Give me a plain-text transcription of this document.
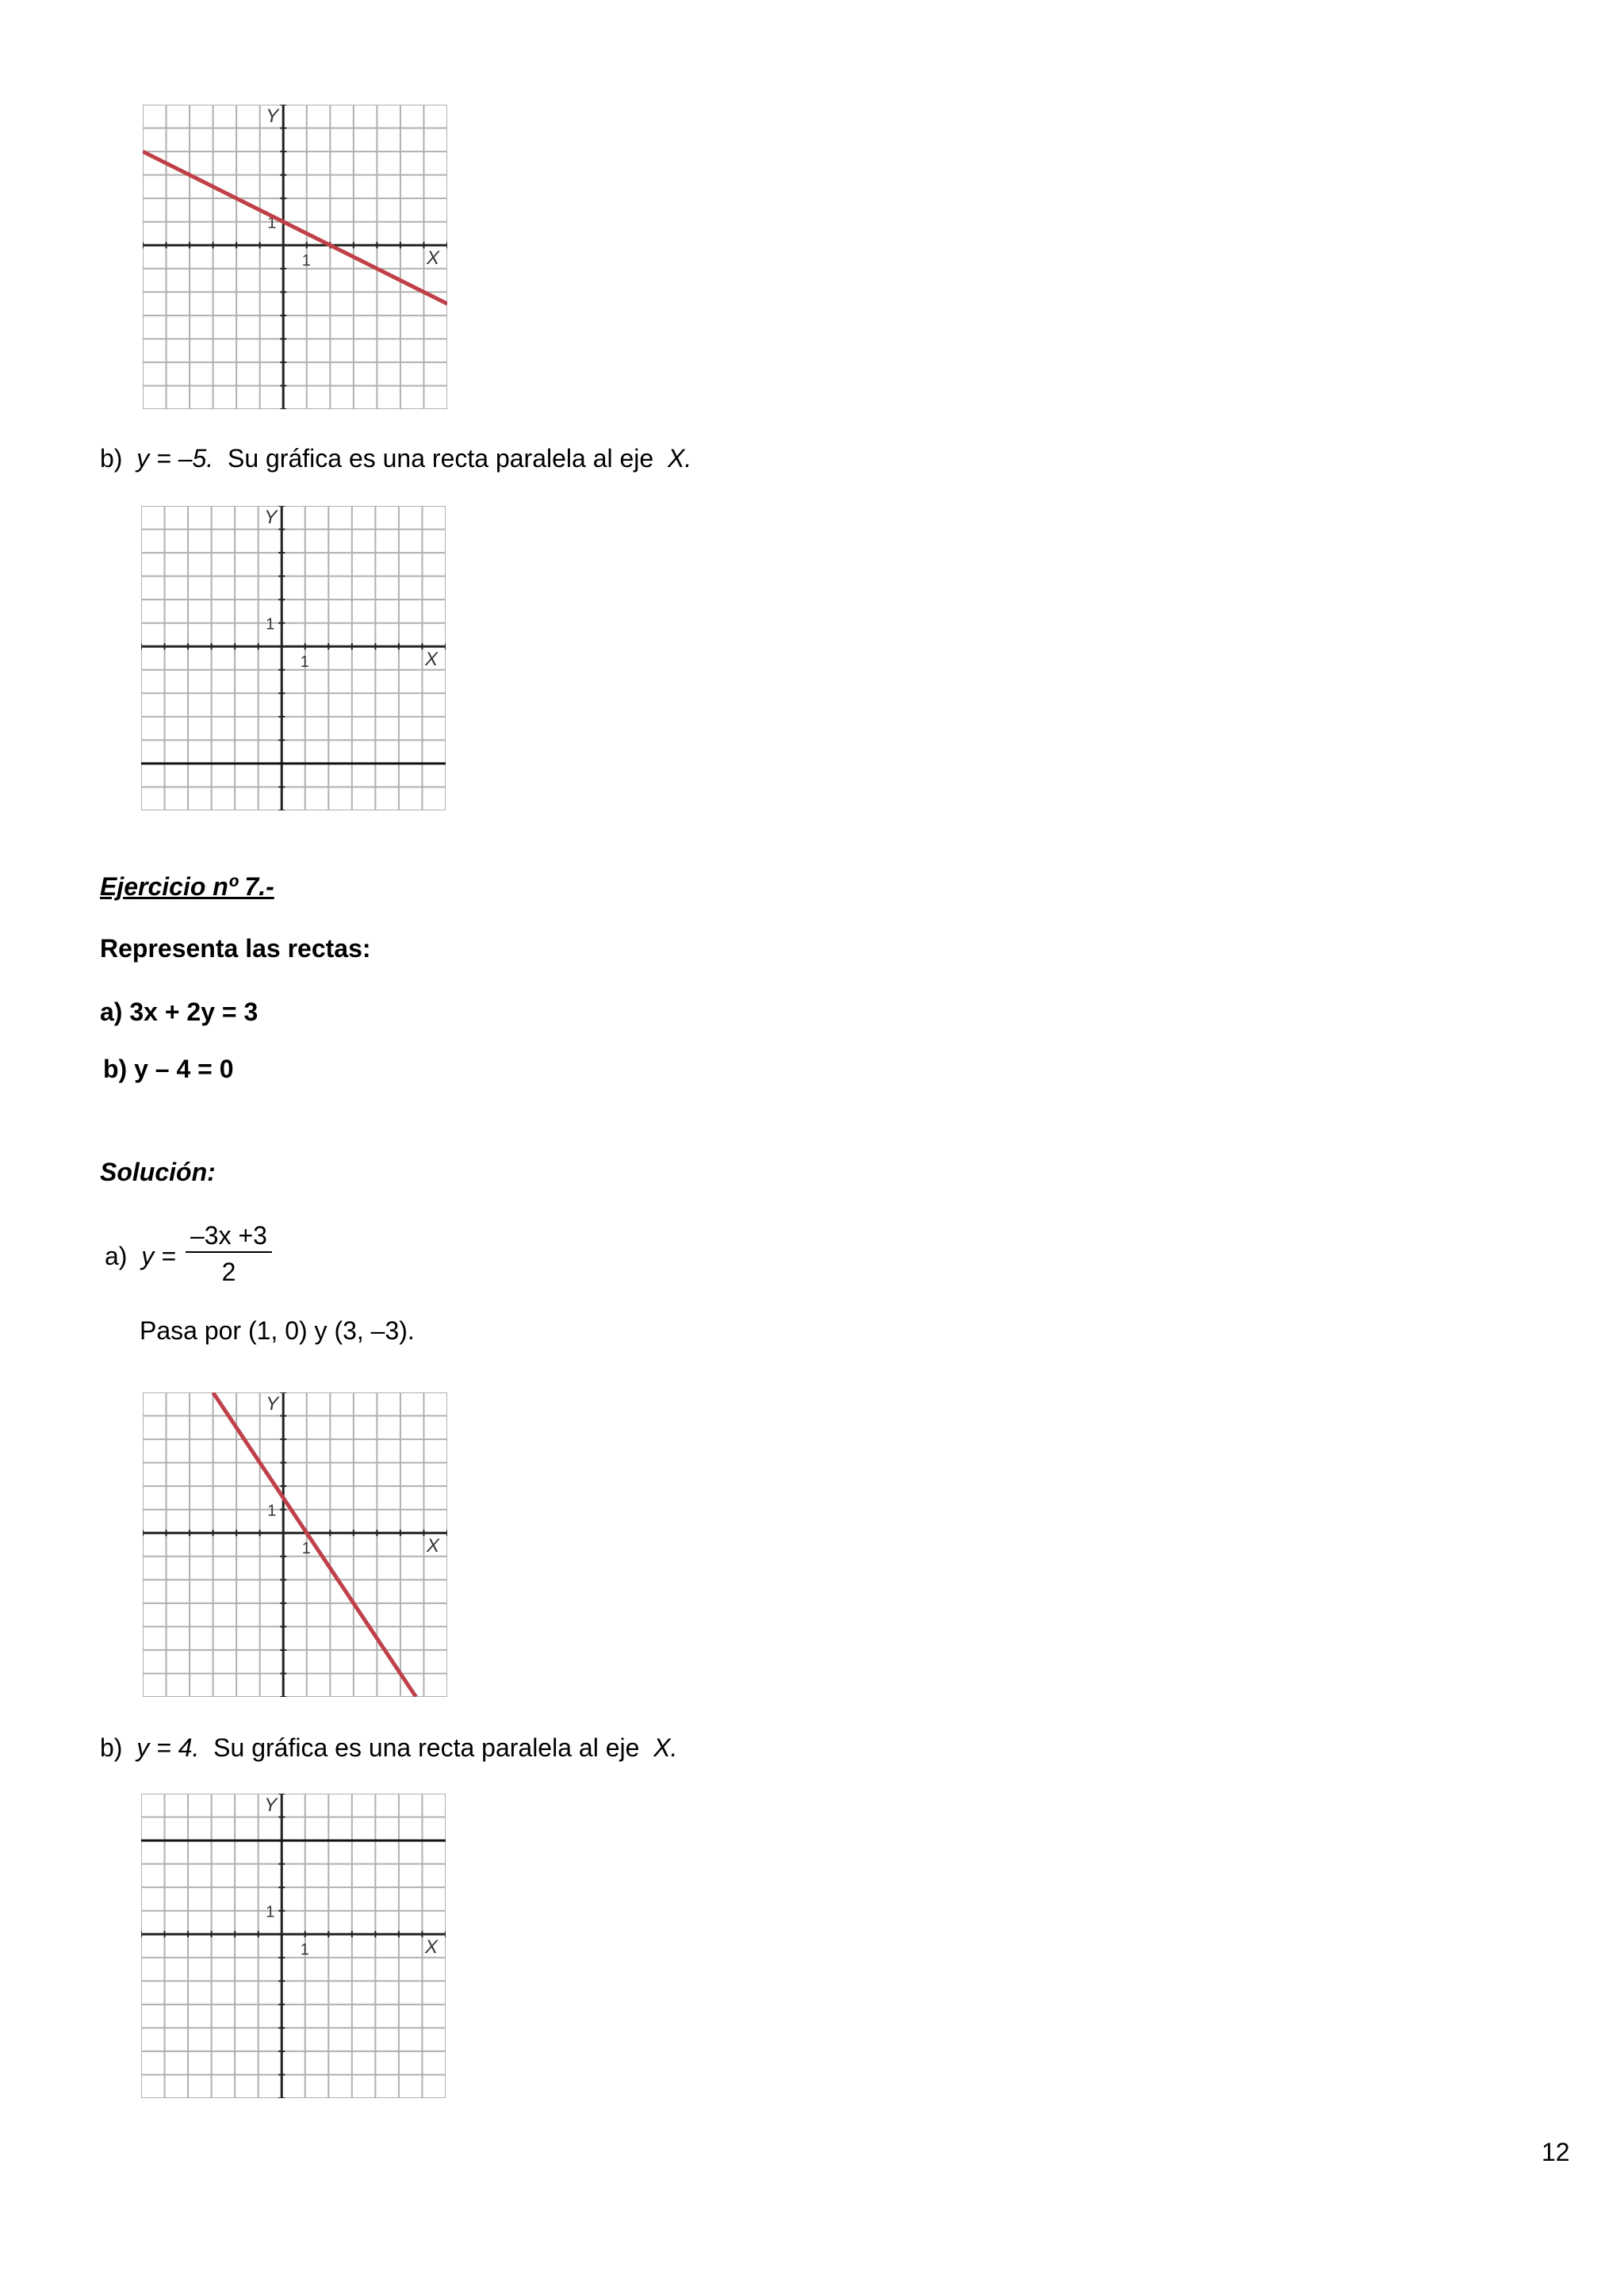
Y
X
1
1
b) y = –5. Su gráfica es una recta paralela al eje X.
Y
X
1
1
Ejercicio nº 7.-
Representa las rectas:
a) 3x + 2y = 3
b) y – 4 = 0
Solución:
a) $y = \frac{-3x +3}{2}$
Pasa por (1, 0) y (3, –3).
Y
X
1
1
b) y = 4. Su gráfica es una recta paralela al eje X.
Y
X
1
1
12
